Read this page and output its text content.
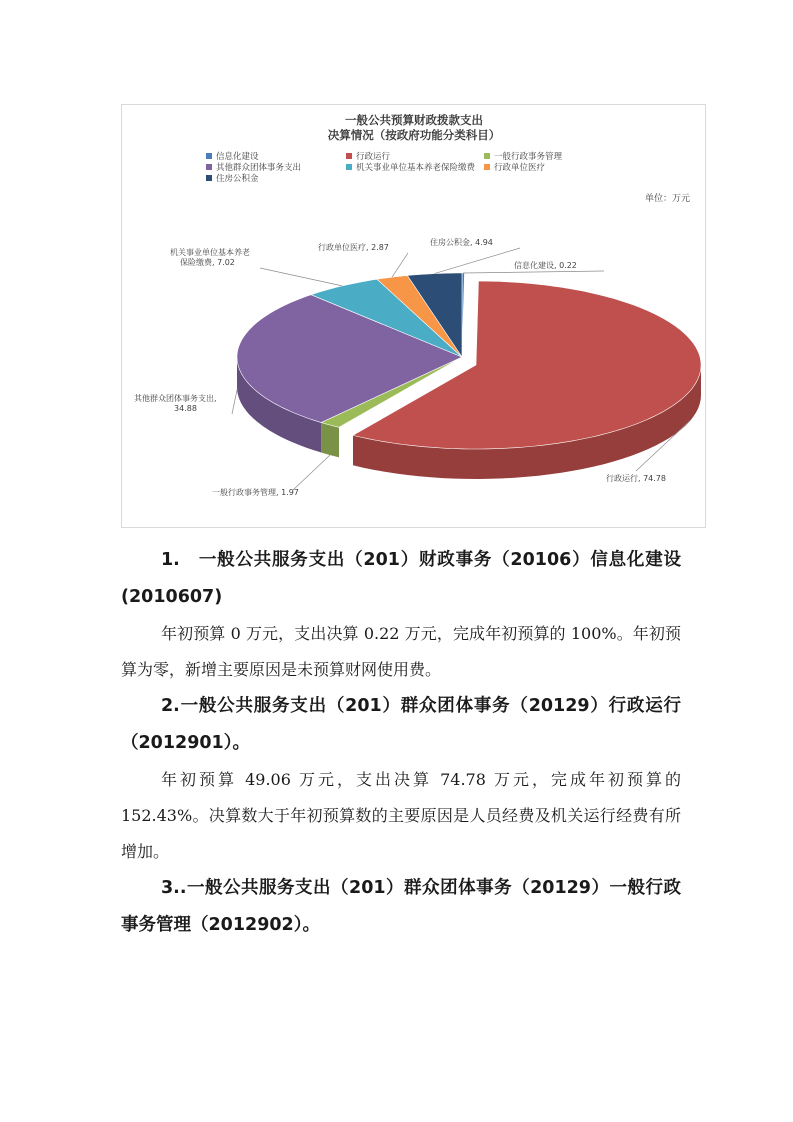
一般公共预算财政拨款支出
决算情况（按政府功能分类科目）
信息化建设	行政运行	一般行政事务管理
其他群众团体事务支出	机关事业单位基本养老保险缴费 行政单位医疗
住房公积金
单位：万元
信息化建设, 0.22
行政运行, 74.78
一般行政事务管理, 1.97
其他群众团体事务支出,
34.88
机关事业单位基本养老
保险缴费, 7.02
行政单位医疗, 2.87
住房公积金, 4.94

1.　一般公共服务支出（201）财政事务（20106）信息化建设(2010607)

年初预算 0 万元，支出决算 0.22 万元，完成年初预算的 100%。年初预算为零，新增主要原因是未预算财网使用费。

2.一般公共服务支出（201）群众团体事务（20129）行政运行（2012901）。

年初预算 49.06 万元，支出决算 74.78 万元，完成年初预算的 152.43%。决算数大于年初预算数的主要原因是人员经费及机关运行经费有所增加。

3..一般公共服务支出（201）群众团体事务（20129）一般行政事务管理（2012902）。
